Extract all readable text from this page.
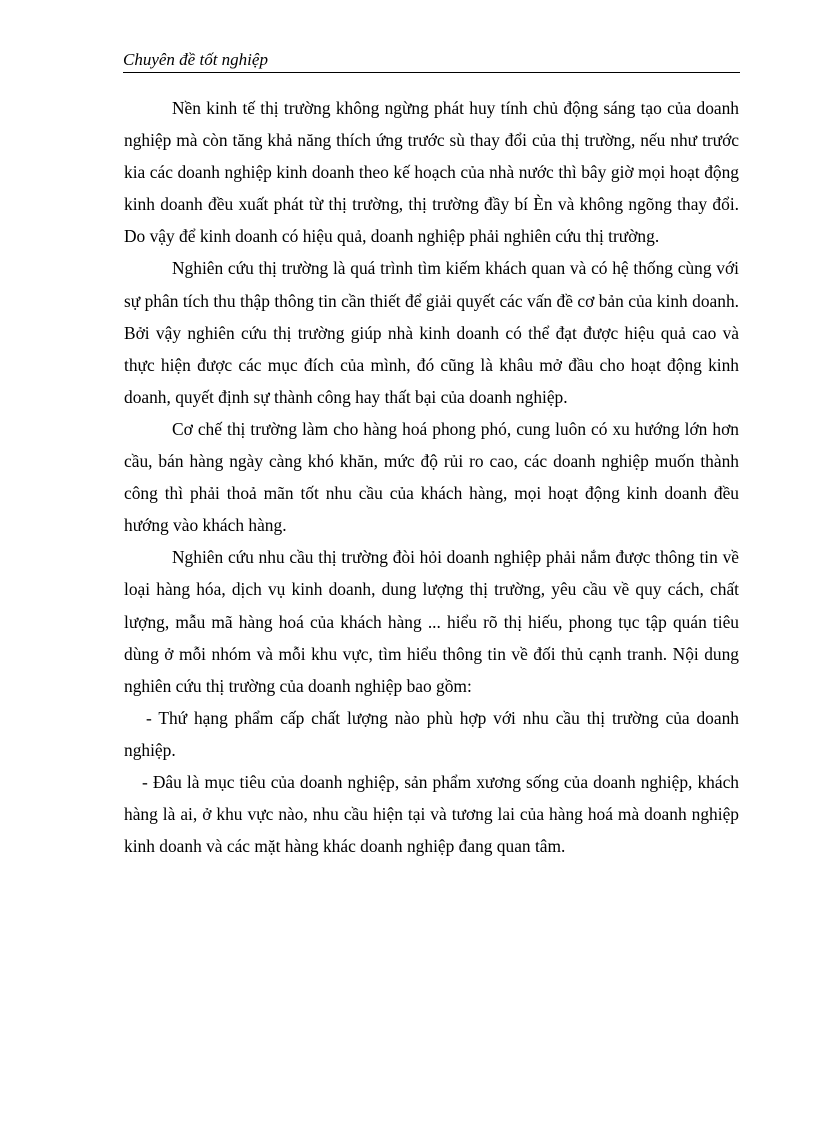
Chuyên đề tốt nghiệp

Nền kinh tế thị trường không ngừng phát huy tính chủ động sáng tạo của doanh nghiệp mà còn tăng khả năng thích ứng trước sù thay đổi của thị trường, nếu như trước kia các doanh nghiệp kinh doanh theo kế hoạch của nhà nước thì bây giờ mọi hoạt động kinh doanh đều xuất phát từ thị trường, thị trường đầy bí Èn và không ngõng thay đổi. Do vậy để kinh doanh có hiệu quả, doanh nghiệp phải nghiên cứu thị trường.

Nghiên cứu thị trường là quá trình tìm kiếm khách quan và có hệ thống cùng với sự phân tích thu thập thông tin cần thiết để giải quyết các vấn đề cơ bản của kinh doanh. Bởi vậy nghiên cứu thị trường giúp nhà kinh doanh có thể đạt được hiệu quả cao và thực hiện được các mục đích của mình, đó cũng là khâu mở đầu cho hoạt động kinh doanh, quyết định sự thành công hay thất bại của doanh nghiệp.

Cơ chế thị trường làm cho hàng hoá phong phó, cung luôn có xu hướng lớn hơn cầu, bán hàng ngày càng khó khăn, mức độ rủi ro cao, các doanh nghiệp muốn thành công thì phải thoả mãn tốt nhu cầu của khách hàng, mọi hoạt động kinh doanh đều hướng vào khách hàng.

Nghiên cứu nhu cầu thị trường đòi hỏi doanh nghiệp phải nắm được thông tin về loại hàng hóa, dịch vụ kinh doanh, dung lượng thị trường, yêu cầu về quy cách, chất lượng, mẫu mã hàng hoá của khách hàng ... hiểu rõ thị hiếu, phong tục tập quán tiêu dùng ở mỗi nhóm và mỗi khu vực, tìm hiểu thông tin về đối thủ cạnh tranh. Nội dung nghiên cứu thị trường của doanh nghiệp bao gồm:

- Thứ hạng phẩm cấp chất lượng nào phù hợp với nhu cầu thị trường của doanh nghiệp.

- Đâu là mục tiêu của doanh nghiệp, sản phẩm xương sống của doanh nghiệp, khách hàng là ai, ở khu vực nào, nhu cầu hiện tại và tương lai của hàng hoá mà doanh nghiệp kinh doanh và các mặt hàng khác doanh nghiệp đang quan tâm.
